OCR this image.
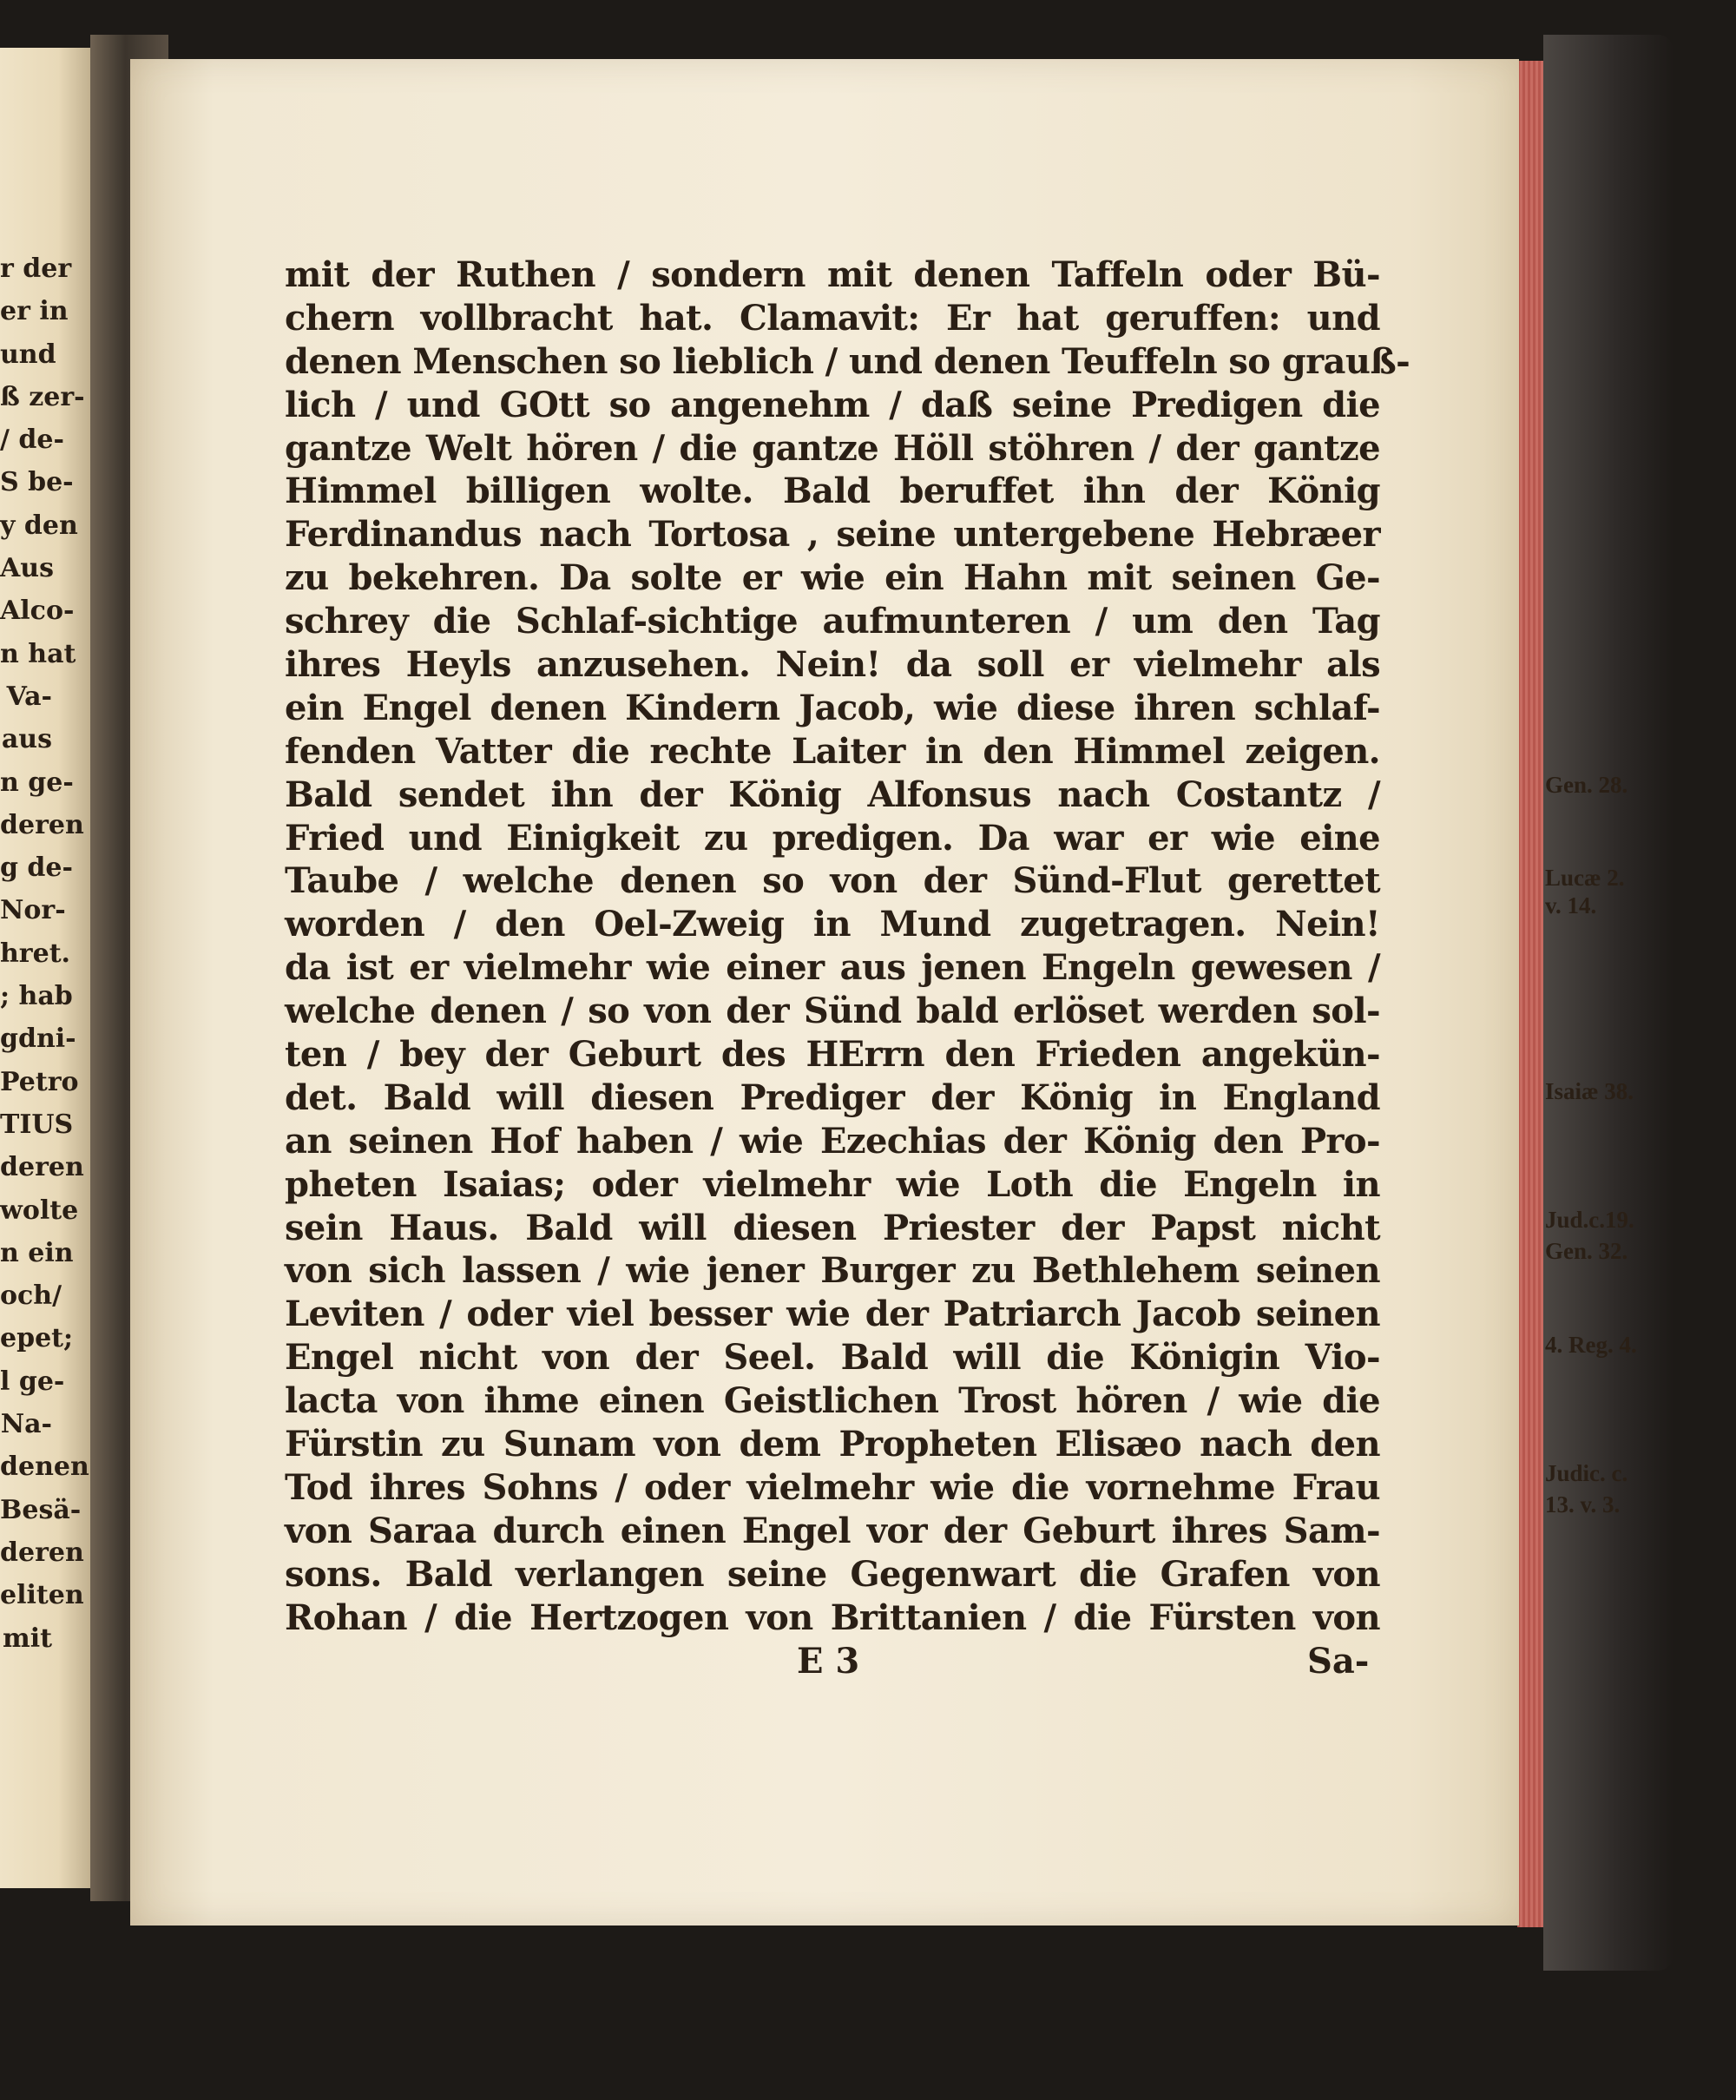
r der
er in
und
ß zer-
/ de-
S be-
y den
Aus
Alco-
n hat
Va-
aus
n ge-
deren
g de-
Nor-
hret.
; hab
gdni-
Petro
TIUS
deren
wolte
n ein
och/
epet;
l ge-
Na-
denen
Besä-
deren
eliten
mit
mit der Ruthen / sondern mit denen Taffeln oder Bü-
chern vollbracht hat. Clamavit: Er hat geruffen: und
denen Menschen so lieblich / und denen Teuffeln so grauß-
lich / und GOtt so angenehm / daß seine Predigen die
gantze Welt hören / die gantze Höll stöhren / der gantze
Himmel billigen wolte. Bald beruffet ihn der König
Ferdinandus nach Tortosa , seine untergebene Hebræer
zu bekehren. Da solte er wie ein Hahn mit seinen Ge-
schrey die Schlaf-sichtige aufmunteren / um den Tag
ihres Heyls anzusehen. Nein! da soll er vielmehr als
ein Engel denen Kindern Jacob, wie diese ihren schlaf-
fenden Vatter die rechte Laiter in den Himmel zeigen.
Bald sendet ihn der König Alfonsus nach Costantz /
Fried und Einigkeit zu predigen. Da war er wie eine
Taube / welche denen so von der Sünd-Flut gerettet
worden / den Oel-Zweig in Mund zugetragen. Nein!
da ist er vielmehr wie einer aus jenen Engeln gewesen /
welche denen / so von der Sünd bald erlöset werden sol-
ten / bey der Geburt des HErrn den Frieden angekün-
det. Bald will diesen Prediger der König in England
an seinen Hof haben / wie Ezechias der König den Pro-
pheten Isaias; oder vielmehr wie Loth die Engeln in
sein Haus. Bald will diesen Priester der Papst nicht
von sich lassen / wie jener Burger zu Bethlehem seinen
Leviten / oder viel besser wie der Patriarch Jacob seinen
Engel nicht von der Seel. Bald will die Königin Vio-
lacta von ihme einen Geistlichen Trost hören / wie die
Fürstin zu Sunam von dem Propheten Elisæo nach den
Tod ihres Sohns / oder vielmehr wie die vornehme Frau
von Saraa durch einen Engel vor der Geburt ihres Sam-
sons. Bald verlangen seine Gegenwart die Grafen von
Rohan / die Hertzogen von Brittanien / die Fürsten von
Gen. 28.
Lucæ 2.
v. 14.
Isaiæ 38.
Jud.c.19.
Gen. 32.
4. Reg. 4.
Judic. c.
13. v. 3.
E 3	Sa-
